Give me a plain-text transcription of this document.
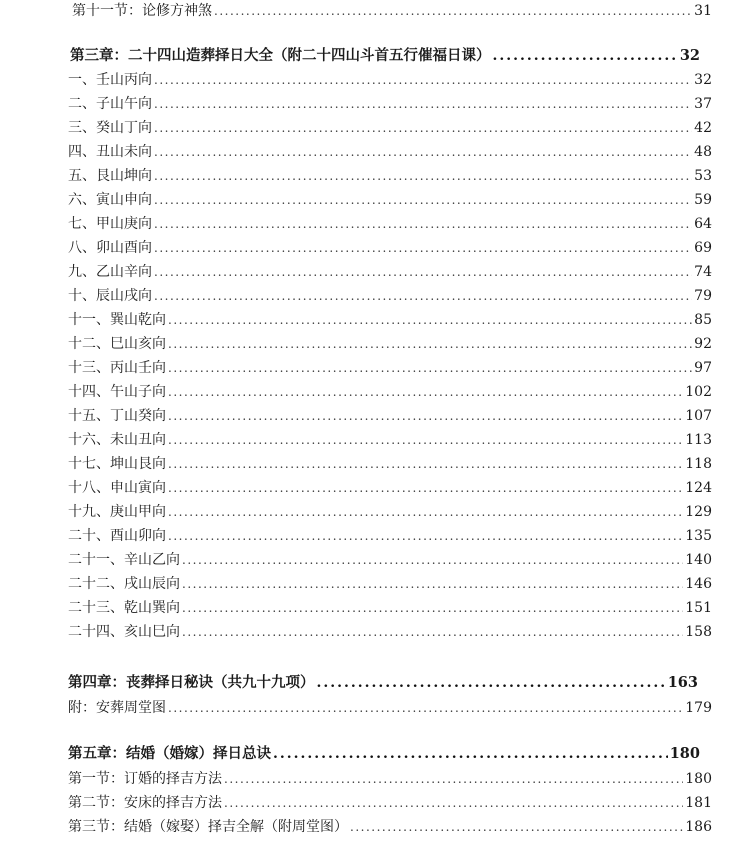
第十一节：论修方神煞 .....	31
第三章：二十四山造葬择日大全（附二十四山斗首五行催福日课） .....	32
一、壬山丙向 .....	32
二、子山午向 .....	37
三、癸山丁向 .....	42
四、丑山未向 .....	48
五、艮山坤向 .....	53
六、寅山申向 .....	59
七、甲山庚向 .....	64
八、卯山酉向 .....	69
九、乙山辛向 .....	74
十、辰山戌向 .....	79
十一、巽山乾向 .....	85
十二、巳山亥向 .....	92
十三、丙山壬向 .....	97
十四、午山子向 .....	102
十五、丁山癸向 .....	107
十六、未山丑向 .....	113
十七、坤山艮向 .....	118
十八、申山寅向 .....	124
十九、庚山甲向 .....	129
二十、酉山卯向 .....	135
二十一、辛山乙向 .....	140
二十二、戌山辰向 .....	146
二十三、乾山巽向 .....	151
二十四、亥山巳向 .....	158
第四章：丧葬择日秘诀（共九十九项） .....	163
附：安葬周堂图 .....	179
第五章：结婚（婚嫁）择日总诀 .....	180
第一节：订婚的择吉方法 .....	180
第二节：安床的择吉方法 .....	181
第三节：结婚（嫁娶）择吉全解（附周堂图） .....	186
